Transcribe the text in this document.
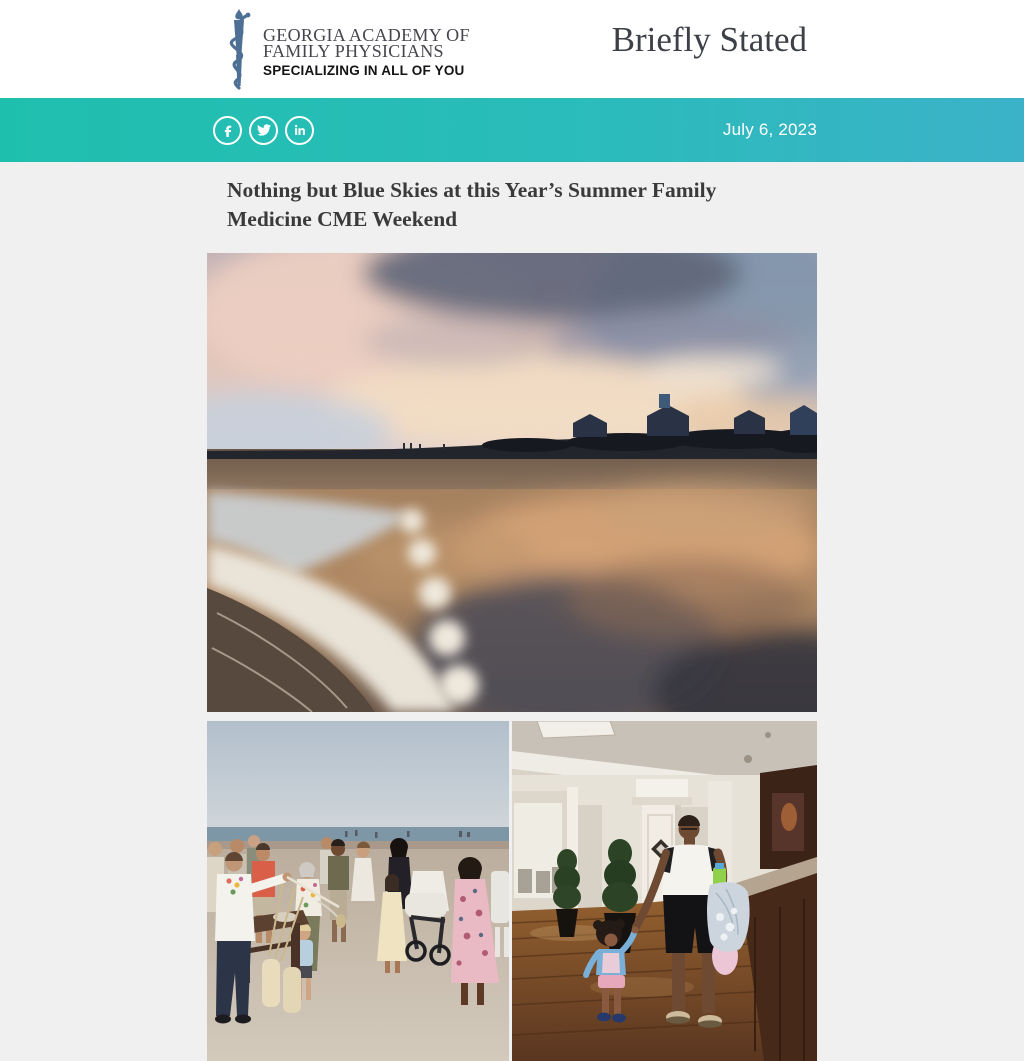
GEORGIA ACADEMY OF
FAMILY PHYSICIANS
SPECIALIZING IN ALL OF YOU
Briefly Stated
July 6, 2023
Nothing but Blue Skies at this Year’s Summer Family Medicine CME Weekend
